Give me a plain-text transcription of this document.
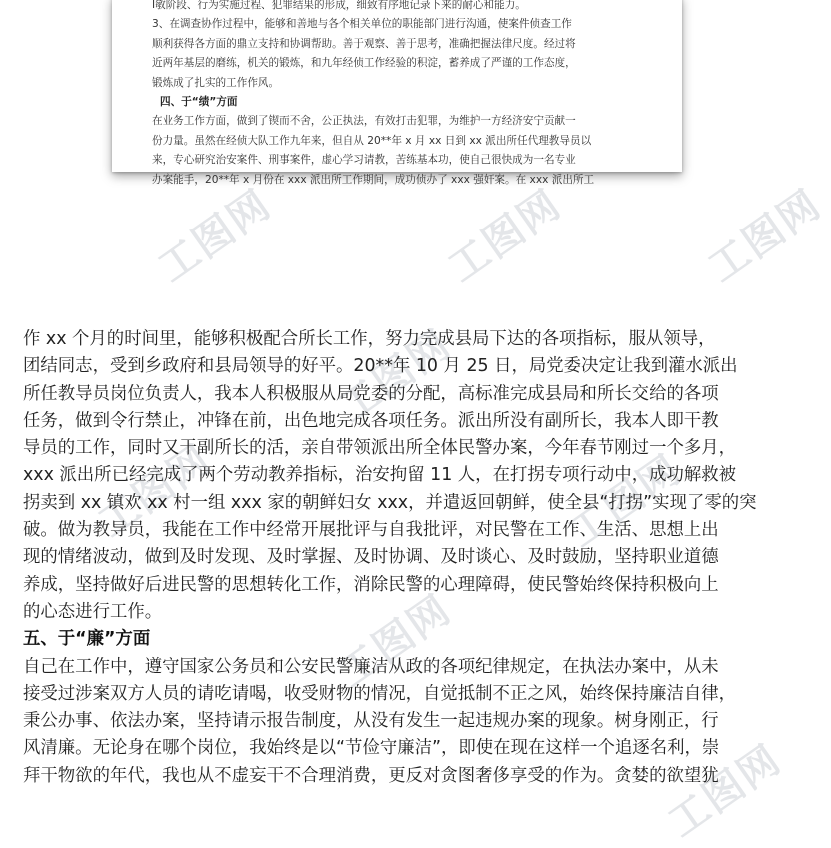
工图网	工图网	工图网
工图网
工图网	工图网
工图网
工图网
Ⅰ敏阶段、行为实施过程、犯罪结果的形成，细致有序地记录下来的耐心和能力。
3、在调查协作过程中，能够和善地与各个相关单位的职能部门进行沟通，使案件侦查工作
顺利获得各方面的鼎立支持和协调帮助。善于观察、善于思考，准确把握法律尺度。经过将
近两年基层的磨练，机关的锻炼，和九年经侦工作经验的积淀，蓄养成了严谨的工作态度，
锻炼成了扎实的工作作风。
四、于“绩”方面
在业务工作方面，做到了锲而不舍，公正执法，有效打击犯罪，为维护一方经济安宁贡献一
份力量。虽然在经侦大队工作九年来，但自从 20**年 x 月 xx 日到 xx 派出所任代理教导员以
来，专心研究治安案件、刑事案件，虚心学习请教，苦练基本功，使自己很快成为一名专业
办案能手，20**年 x 月份在 xxx 派出所工作期间，成功侦办了 xxx 强奸案。在 xxx 派出所工
作 xx 个月的时间里，能够积极配合所长工作，努力完成县局下达的各项指标，服从领导，
团结同志，受到乡政府和县局领导的好平。20**年 10 月 25 日，局党委决定让我到灌水派出
所任教导员岗位负责人，我本人积极服从局党委的分配，高标准完成县局和所长交给的各项
任务，做到令行禁止，冲锋在前，出色地完成各项任务。派出所没有副所长，我本人即干教
导员的工作，同时又干副所长的活，亲自带领派出所全体民警办案，今年春节刚过一个多月，
xxx 派出所已经完成了两个劳动教养指标，治安拘留 11 人，在打拐专项行动中，成功解救被
拐卖到 xx 镇欢 xx 村一组 xxx 家的朝鲜妇女 xxx，并遣返回朝鲜，使全县“打拐”实现了零的突
破。做为教导员，我能在工作中经常开展批评与自我批评，对民警在工作、生活、思想上出
现的情绪波动，做到及时发现、及时掌握、及时协调、及时谈心、及时鼓励，坚持职业道德
养成，坚持做好后进民警的思想转化工作，消除民警的心理障碍，使民警始终保持积极向上
的心态进行工作。
五、于“廉”方面
自己在工作中，遵守国家公务员和公安民警廉洁从政的各项纪律规定，在执法办案中，从未
接受过涉案双方人员的请吃请喝，收受财物的情况，自觉抵制不正之风，始终保持廉洁自律，
秉公办事、依法办案，坚持请示报告制度，从没有发生一起违规办案的现象。树身刚正，行
风清廉。无论身在哪个岗位，我始终是以“节俭守廉洁”，即使在现在这样一个追逐名利，崇
拜干物欲的年代，我也从不虚妄干不合理消费，更反对贪图奢侈享受的作为。贪婪的欲望犹
